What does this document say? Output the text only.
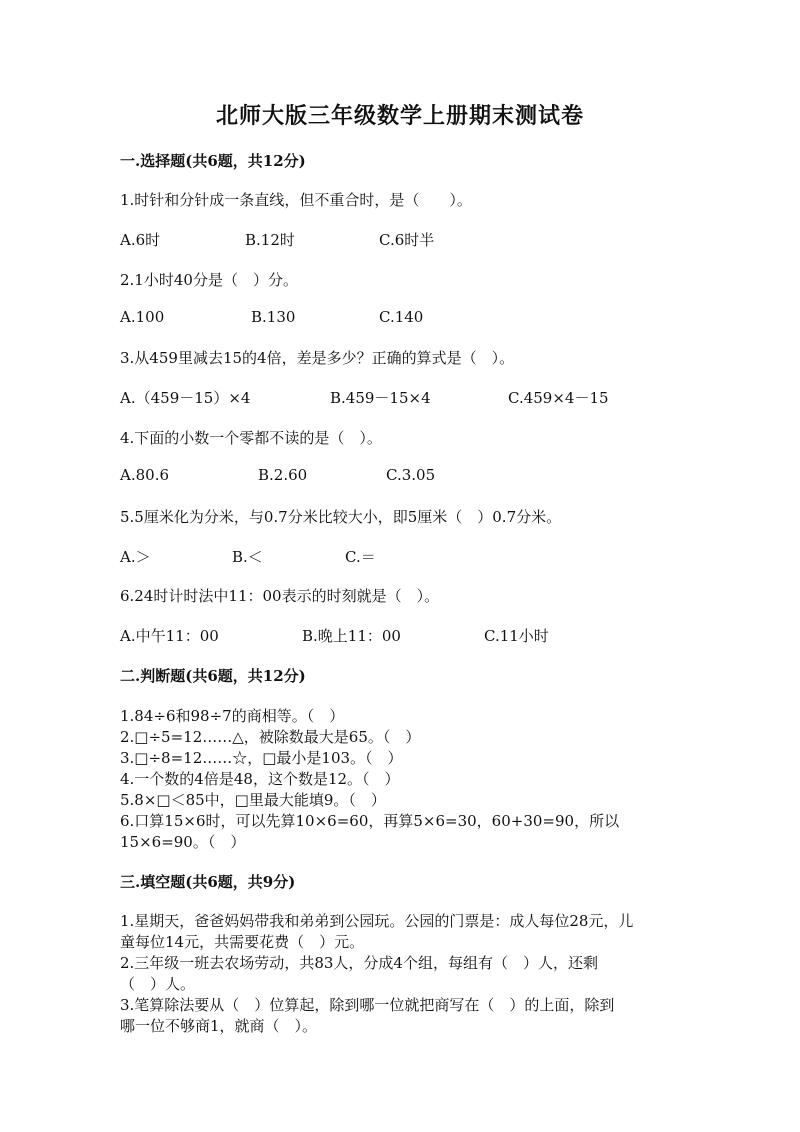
北师大版三年级数学上册期末测试卷
一.选择题(共6题，共12分)
1.时针和分针成一条直线，但不重合时，是（　　）。
A.6时	B.12时	C.6时半
2.1小时40分是（　）分。
A.100	B.130	C.140
3.从459里减去15的4倍，差是多少？正确的算式是（　）。
A.（459－15）×4	B.459－15×4	C.459×4－15
4.下面的小数一个零都不读的是（　）。
A.80.6	B.2.60	C.3.05
5.5厘米化为分米，与0.7分米比较大小，即5厘米（　）0.7分米。
A.＞	B.＜	C.＝
6.24时计时法中11：00表示的时刻就是（　）。
A.中午11：00	B.晚上11：00	C.11小时
二.判断题(共6题，共12分)
1.84÷6和98÷7的商相等。（　）
2.□÷5=12……△，被除数最大是65。（　）
3.□÷8=12……☆，□最小是103。（　）
4.一个数的4倍是48，这个数是12。（　）
5.8×□＜85中，□里最大能填9。（　）
6.口算15×6时，可以先算10×6=60，再算5×6=30，60+30=90，所以
15×6=90。（　）
三.填空题(共6题，共9分)
1.星期天，爸爸妈妈带我和弟弟到公园玩。公园的门票是：成人每位28元，儿
童每位14元，共需要花费（　）元。
2.三年级一班去农场劳动，共83人，分成4个组，每组有（　）人，还剩
（　）人。
3.笔算除法要从（　）位算起，除到哪一位就把商写在（　）的上面，除到
哪一位不够商1，就商（　）。
